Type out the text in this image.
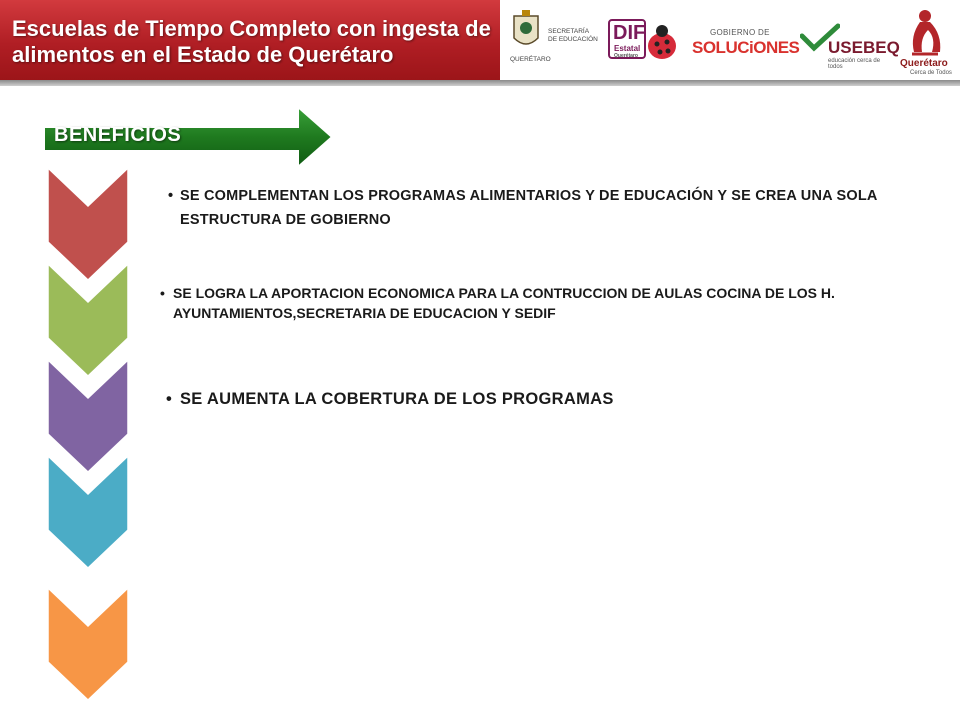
Escuelas de Tiempo Completo con ingesta de alimentos en el Estado de Querétaro	QUERÉTARO
SECRETARÍA
DE EDUCACIÓN DIF
Estatal
Querétaro
GOBIERNO DE
SOLUCiONES USEBEQ
educación cerca de todos	Querétaro
Cerca de Todos
BENEFICIOS
• SE COMPLEMENTAN LOS PROGRAMAS ALIMENTARIOS Y DE EDUCACIÓN Y SE CREA UNA SOLA ESTRUCTURA DE GOBIERNO
• SE LOGRA LA APORTACION ECONOMICA PARA LA CONTRUCCION DE AULAS COCINA DE LOS H. AYUNTAMIENTOS,SECRETARIA DE EDUCACION Y SEDIF
• SE AUMENTA LA COBERTURA DE LOS PROGRAMAS
